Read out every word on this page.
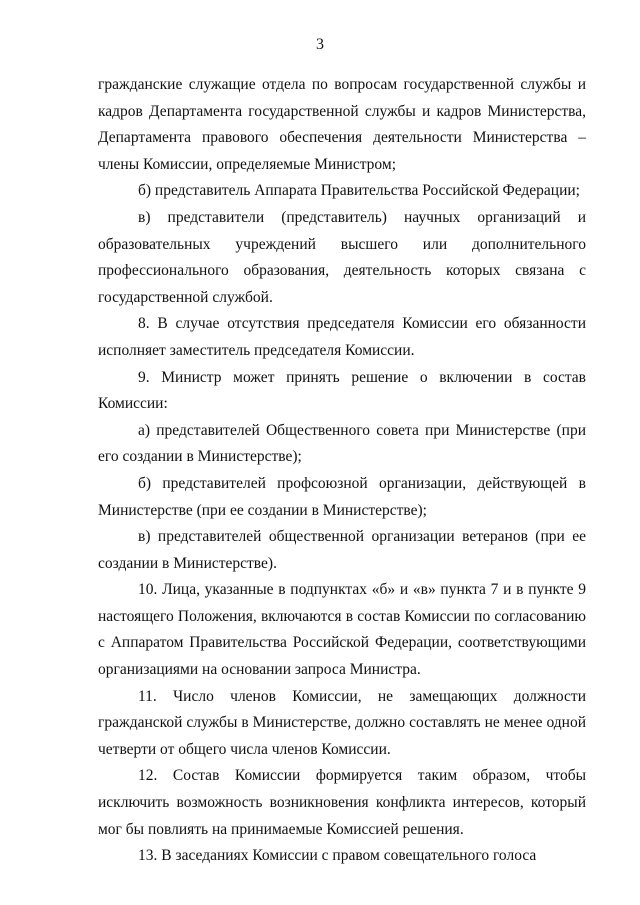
3

гражданские служащие отдела по вопросам государственной службы и кадров Департамента государственной службы и кадров Министерства, Департамента правового обеспечения деятельности Министерства – члены Комиссии, определяемые Министром;

б) представитель Аппарата Правительства Российской Федерации;

в) представители (представитель) научных организаций и образовательных учреждений высшего или дополнительного профессионального образования, деятельность которых связана с государственной службой.

8. В случае отсутствия председателя Комиссии его обязанности исполняет заместитель председателя Комиссии.

9. Министр может принять решение о включении в состав Комиссии:

а) представителей Общественного совета при Министерстве (при его создании в Министерстве);

б) представителей профсоюзной организации, действующей в Министерстве (при ее создании в Министерстве);

в) представителей общественной организации ветеранов (при ее создании в Министерстве).

10. Лица, указанные в подпунктах «б» и «в» пункта 7 и в пункте 9 настоящего Положения, включаются в состав Комиссии по согласованию с Аппаратом Правительства Российской Федерации, соответствующими организациями на основании запроса Министра.

11. Число членов Комиссии, не замещающих должности гражданской службы в Министерстве, должно составлять не менее одной четверти от общего числа членов Комиссии.

12. Состав Комиссии формируется таким образом, чтобы исключить возможность возникновения конфликта интересов, который мог бы повлиять на принимаемые Комиссией решения.

13. В заседаниях Комиссии с правом совещательного голоса
